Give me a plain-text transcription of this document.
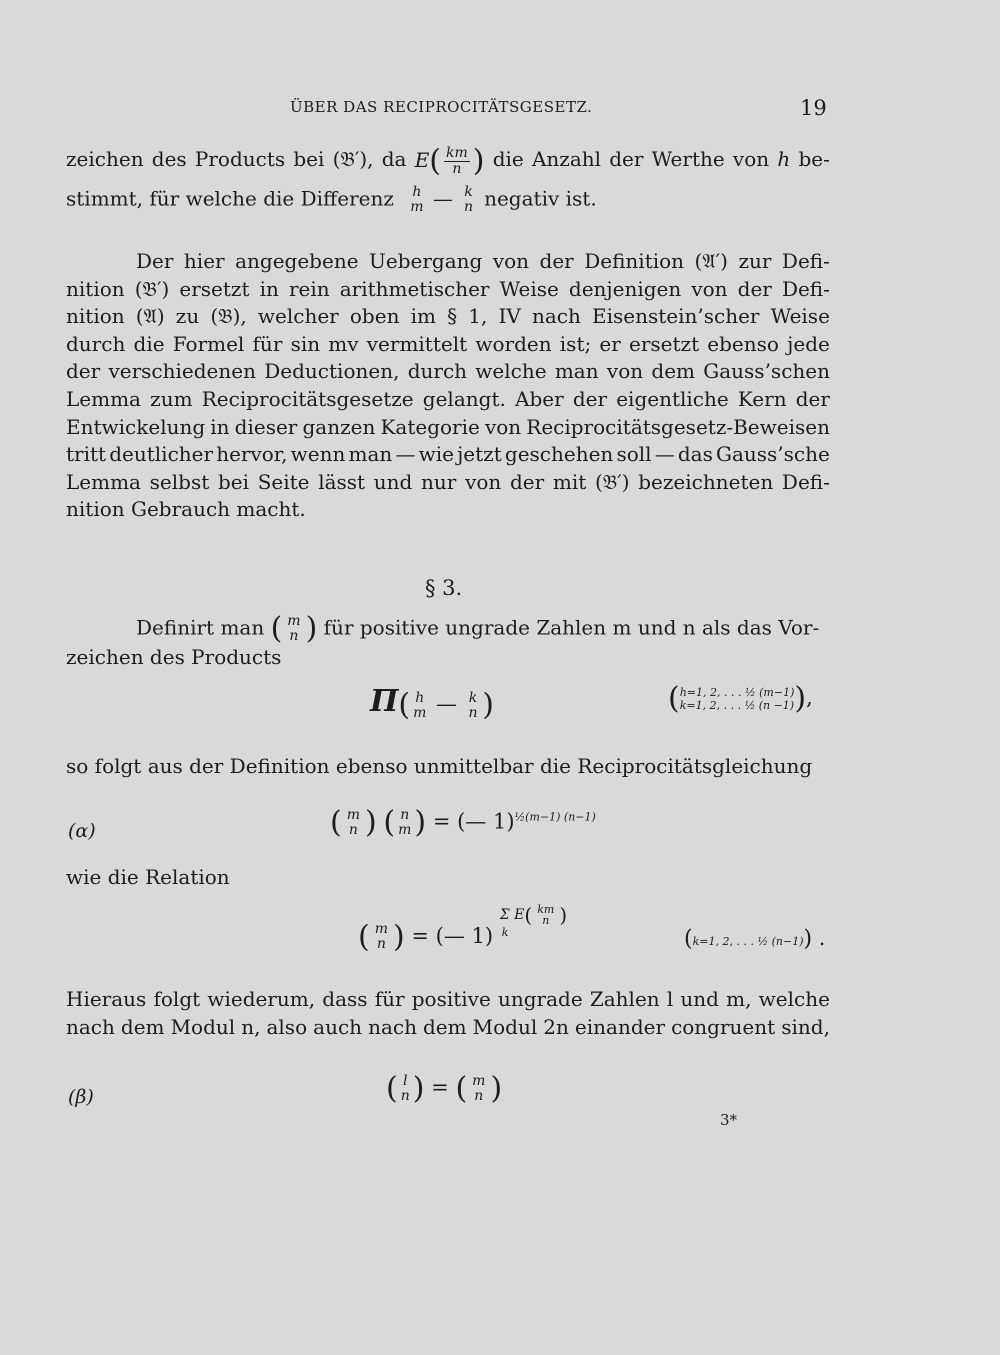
ÜBER DAS RECIPROCITÄTSGESETZ.	19
zeichen des Products bei (𝔅′), da $E( \frac{km}{n}$ ) die Anzahl der Werthe von h be-
stimmt, für welche die Differenz h
m — k
n negativ ist.
Der hier angegebene Uebergang von der Definition (𝔄′) zur Defi-
nition (𝔅′) ersetzt in rein arithmetischer Weise denjenigen von der Defi-
nition (𝔄) zu (𝔅), welcher oben im § 1, IV nach Eisenstein’scher Weise
durch die Formel für sin mv vermittelt worden ist; er ersetzt ebenso jede
der verschiedenen Deductionen, durch welche man von dem Gauss’schen
Lemma zum Reciprocitätsgesetze gelangt. Aber der eigentliche Kern der
Entwickelung in dieser ganzen Kategorie von Reciprocitätsgesetz-Beweisen
tritt deutlicher hervor, wenn man — wie jetzt geschehen soll — das Gauss’sche
Lemma selbst bei Seite lässt und nur von der mit (𝔅′) bezeichneten Defi-
nition Gebrauch macht.
§ 3.
Definirt man ( m
n ) für positive ungrade Zahlen m und n als das Vor-
zeichen des Products
Π( h
m — k
n )	( h=1, 2, . . . ½ (m−1)
k=1, 2, . . . ½ (n −1) ),
so folgt aus der Definition ebenso unmittelbar die Reciprocitätsgleichung
(α)	( m
n ) ( n
m ) = (— 1)$^{\frac{1}{2}(m-1) (n-1)}$
wie die Relation
( m
n ) = (— 1) Σ E( km
n )
k	(k=1, 2, . . . ½ (n−1)) .
Hieraus folgt wiederum, dass für positive ungrade Zahlen l und m, welche
nach dem Modul n, also auch nach dem Modul 2n einander congruent sind,
(β)	( l
n ) = ( m
n )
3*
